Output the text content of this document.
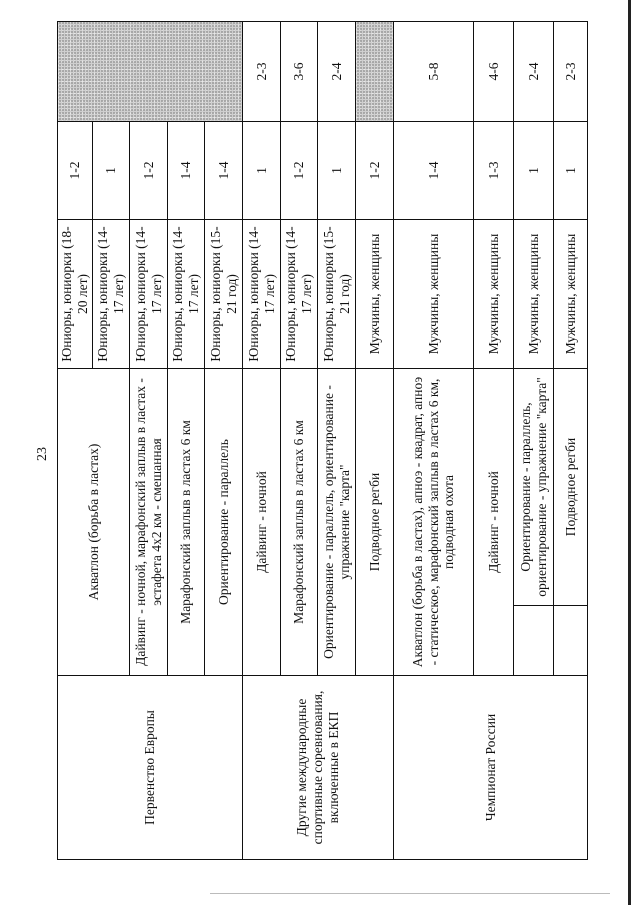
23
Первенство Европы	Акватлон (борьба в ластах)		Юниоры, юниорки (18-20 лет)	1-2	
			Юниоры, юниорки (14-17 лет)	1	
	Дайвинг - ночной, марафонский заплыв в ластах - эстафета 4х2 км - смешанная		Юниоры, юниорки (14-17 лет)	1-2	
	Марафонский заплыв в ластах 6 км		Юниоры, юниорки (14-17 лет)	1-4	
	Ориентирование - параллель		Юниоры, юниорки (15-21 год)	1-4	
Другие международные спортивные соревнования, включенные в ЕКП	Дайвинг - ночной		Юниоры, юниорки (14-17 лет)	1	2-3
	Марафонский заплыв в ластах 6 км		Юниоры, юниорки (14-17 лет)	1-2	3-6
	Ориентирование - параллель, ориентирование - упражнение "карта"		Юниоры, юниорки (15-21 год)	1	2-4
	Подводное регби		Мужчины, женщины	1-2	
Чемпионат России	Акватлон (борьба в ластах), апноэ - квадрат, апноэ - статическое, марафонский заплыв в ластах 6 км, подводная охота		Мужчины, женщины	1-4	5-8
	Дайвинг - ночной		Мужчины, женщины	1-3	4-6
		Ориентирование - параллель, ориентирование - упражнение "карта"	Мужчины, женщины	1	2-4
		Подводное регби	Мужчины, женщины	1	2-3
